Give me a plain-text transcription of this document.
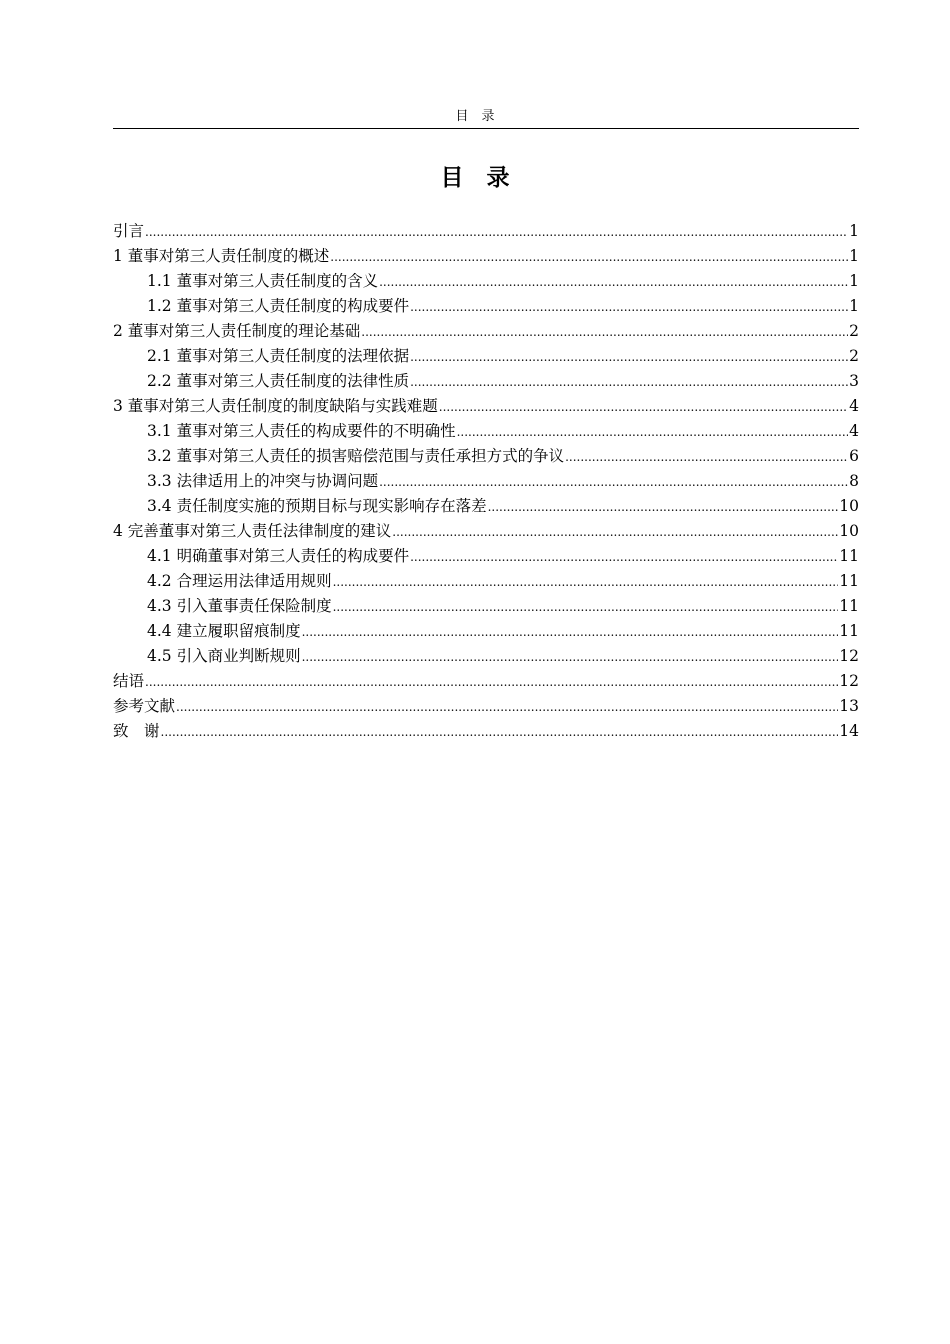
目　录
目　录
引言 .....	1
1 董事对第三人责任制度的概述 .....	1
1.1 董事对第三人责任制度的含义 .....	1
1.2 董事对第三人责任制度的构成要件 .....	1
2 董事对第三人责任制度的理论基础 .....	2
2.1 董事对第三人责任制度的法理依据 .....	2
2.2 董事对第三人责任制度的法律性质 .....	3
3 董事对第三人责任制度的制度缺陷与实践难题 .....	4
3.1 董事对第三人责任的构成要件的不明确性 .....	4
3.2 董事对第三人责任的损害赔偿范围与责任承担方式的争议 .....	6
3.3 法律适用上的冲突与协调问题 .....	8
3.4 责任制度实施的预期目标与现实影响存在落差 .....	10
4 完善董事对第三人责任法律制度的建议 .....	10
4.1 明确董事对第三人责任的构成要件 .....	11
4.2 合理运用法律适用规则 .....	11
4.3 引入董事责任保险制度 .....	11
4.4 建立履职留痕制度 .....	11
4.5 引入商业判断规则 .....	12
结语 .....	12
参考文献 .....	13
致　谢 .....	14
